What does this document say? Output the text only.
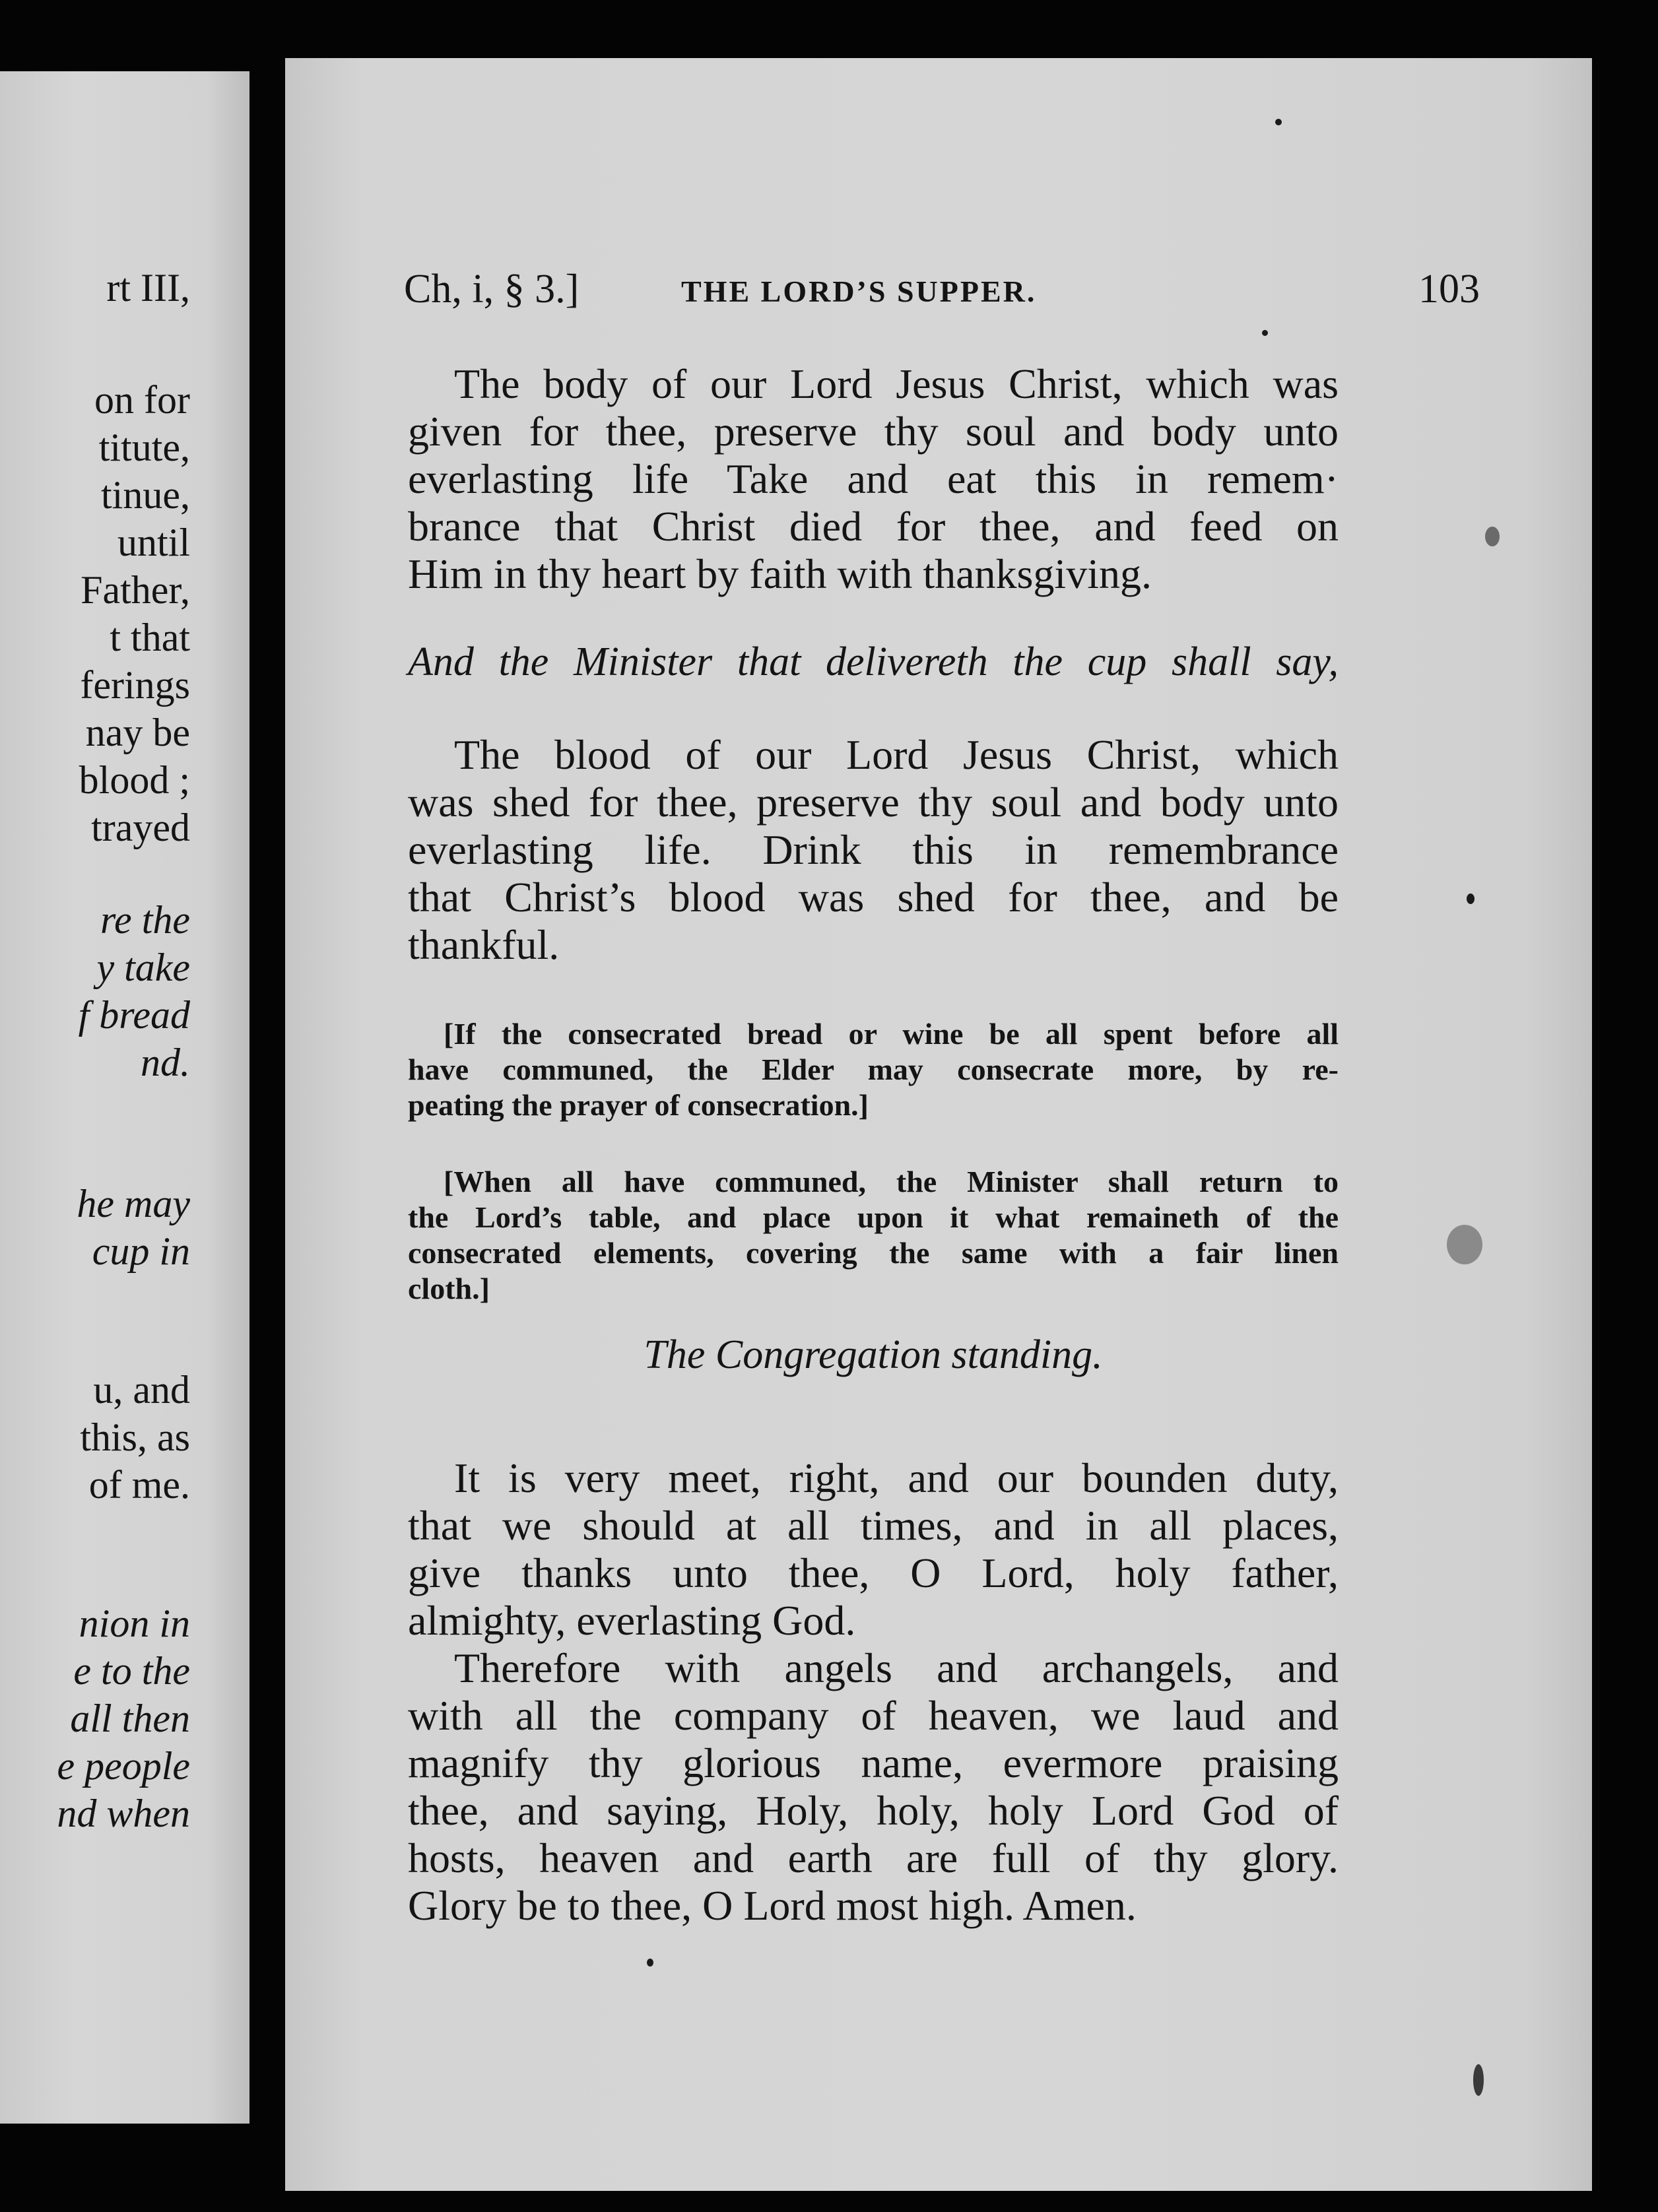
rt III,
on for
titute,
tinue,
until
Father,
t that
ferings
nay be
blood ;
trayed
re the
y take
f bread
nd.
he may
cup in
u, and
this, as
of me.
nion in
e to the
all then
e people
nd when
Ch, i, § 3.]	THE LORD’S SUPPER.	103
The body of our Lord Jesus Christ, which was
given for thee, preserve thy soul and body unto
everlasting life Take and eat this in remem·
brance that Christ died for thee, and feed on
Him in thy heart by faith with thanksgiving.
And the Minister that delivereth the cup shall say,
The blood of our Lord Jesus Christ, which
was shed for thee, preserve thy soul and body unto
everlasting life. Drink this in remembrance
that Christ’s blood was shed for thee, and be
thankful.
[If the consecrated bread or wine be all spent before all
have communed, the Elder may consecrate more, by re-
peating the prayer of consecration.]
[When all have communed, the Minister shall return to
the Lord’s table, and place upon it what remaineth of the
consecrated elements, covering the same with a fair linen
cloth.]
The Congregation standing.
It is very meet, right, and our bounden duty,
that we should at all times, and in all places,
give thanks unto thee, O Lord, holy father,
almighty, everlasting God.
Therefore with angels and archangels, and
with all the company of heaven, we laud and
magnify thy glorious name, evermore praising
thee, and saying, Holy, holy, holy Lord God of
hosts, heaven and earth are full of thy glory.
Glory be to thee, O Lord most high. Amen.
